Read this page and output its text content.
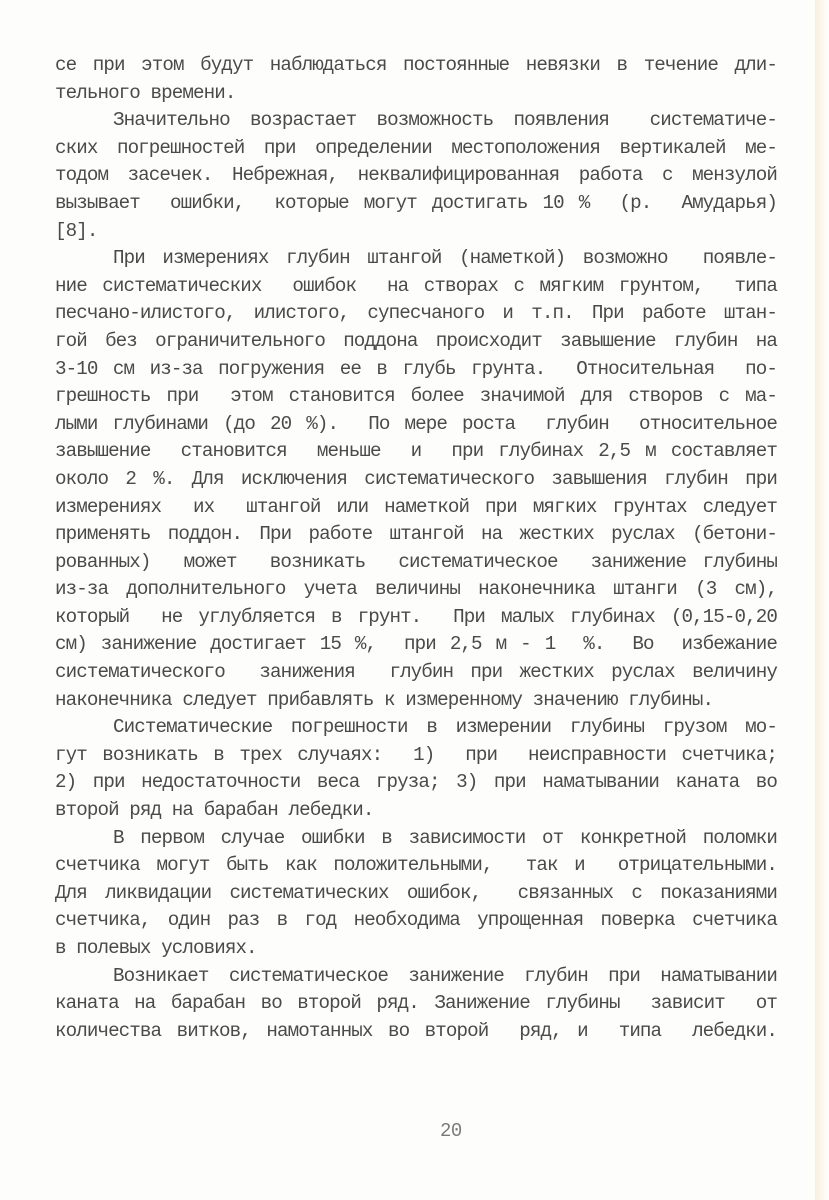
се при этом будут наблюдаться постоянные невязки в течение дли-
тельного времени.
Значительно возрастает возможность появления  систематиче-
ских погрешностей при определении местоположения вертикалей ме-
тодом засечек. Небрежная, неквалифицированная работа с мензулой
вызывает  ошибки,  которые могут достигать 10 %  (р.  Амударья)
[8].
При измерениях глубин штангой (наметкой) возможно  появле-
ние систематических  ошибок  на створах с мягким грунтом,  типа
песчано-илистого, илистого, супесчаного и т.п. При работе штан-
гой без ограничительного поддона происходит завышение глубин на
3-10 см из-за погружения ее в глубь грунта.  Относительная  по-
грешность при  этом становится более значимой для створов с ма-
лыми глубинами (до 20 %).  По мере роста  глубин  относительное
завышение  становится  меньше  и  при глубинах 2,5 м составляет
около 2 %. Для исключения систематического завышения глубин при
измерениях  их  штангой или наметкой при мягких грунтах следует
применять поддон. При работе штангой на жестких руслах (бетони-
рованных)  может  возникать  систематическое  занижение глубины
из-за дополнительного учета величины наконечника штанги (3 см),
который  не углубляется в грунт.  При малых глубинах (0,15-0,20
см) занижение достигает 15 %,  при 2,5 м - 1  %.  Во  избежание
систематического  занижения  глубин при жестких руслах величину
наконечника следует прибавлять к измеренному значению глубины.
Систематические погрешности в измерении глубины грузом мо-
гут возникать в трех случаях:  1)  при  неисправности счетчика;
2) при недостаточности веса груза; 3) при наматывании каната во
второй ряд на барабан лебедки.
В первом случае ошибки в зависимости от конкретной поломки
счетчика могут быть как положительными,  так и  отрицательными.
Для ликвидации систематических ошибок,  связанных с показаниями
счетчика, один раз в год необходима упрощенная поверка счетчика
в полевых условиях.
Возникает систематическое занижение глубин при наматывании
каната на барабан во второй ряд. Занижение глубины  зависит  от
количества витков, намотанных во второй  ряд, и  типа  лебедки.
20
